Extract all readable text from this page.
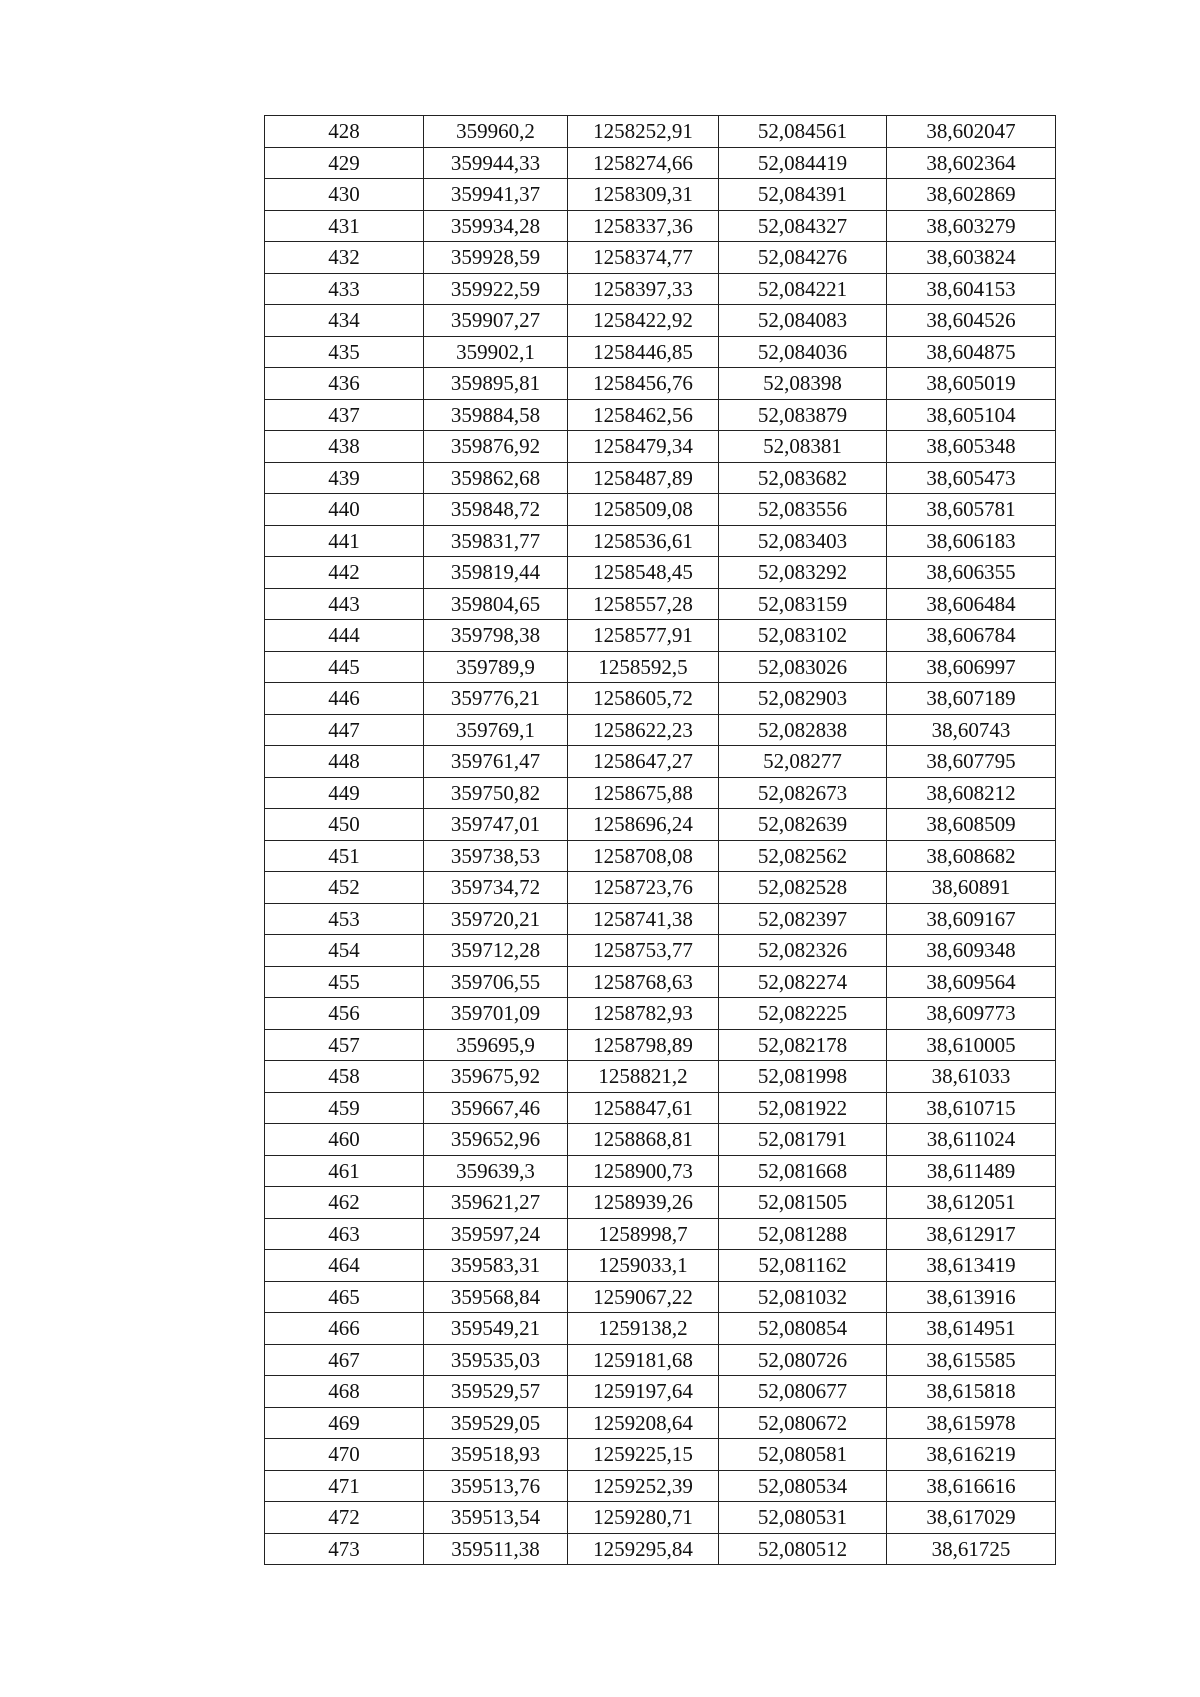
428	359960,2	1258252,91	52,084561	38,602047
429	359944,33	1258274,66	52,084419	38,602364
430	359941,37	1258309,31	52,084391	38,602869
431	359934,28	1258337,36	52,084327	38,603279
432	359928,59	1258374,77	52,084276	38,603824
433	359922,59	1258397,33	52,084221	38,604153
434	359907,27	1258422,92	52,084083	38,604526
435	359902,1	1258446,85	52,084036	38,604875
436	359895,81	1258456,76	52,08398	38,605019
437	359884,58	1258462,56	52,083879	38,605104
438	359876,92	1258479,34	52,08381	38,605348
439	359862,68	1258487,89	52,083682	38,605473
440	359848,72	1258509,08	52,083556	38,605781
441	359831,77	1258536,61	52,083403	38,606183
442	359819,44	1258548,45	52,083292	38,606355
443	359804,65	1258557,28	52,083159	38,606484
444	359798,38	1258577,91	52,083102	38,606784
445	359789,9	1258592,5	52,083026	38,606997
446	359776,21	1258605,72	52,082903	38,607189
447	359769,1	1258622,23	52,082838	38,60743
448	359761,47	1258647,27	52,08277	38,607795
449	359750,82	1258675,88	52,082673	38,608212
450	359747,01	1258696,24	52,082639	38,608509
451	359738,53	1258708,08	52,082562	38,608682
452	359734,72	1258723,76	52,082528	38,60891
453	359720,21	1258741,38	52,082397	38,609167
454	359712,28	1258753,77	52,082326	38,609348
455	359706,55	1258768,63	52,082274	38,609564
456	359701,09	1258782,93	52,082225	38,609773
457	359695,9	1258798,89	52,082178	38,610005
458	359675,92	1258821,2	52,081998	38,61033
459	359667,46	1258847,61	52,081922	38,610715
460	359652,96	1258868,81	52,081791	38,611024
461	359639,3	1258900,73	52,081668	38,611489
462	359621,27	1258939,26	52,081505	38,612051
463	359597,24	1258998,7	52,081288	38,612917
464	359583,31	1259033,1	52,081162	38,613419
465	359568,84	1259067,22	52,081032	38,613916
466	359549,21	1259138,2	52,080854	38,614951
467	359535,03	1259181,68	52,080726	38,615585
468	359529,57	1259197,64	52,080677	38,615818
469	359529,05	1259208,64	52,080672	38,615978
470	359518,93	1259225,15	52,080581	38,616219
471	359513,76	1259252,39	52,080534	38,616616
472	359513,54	1259280,71	52,080531	38,617029
473	359511,38	1259295,84	52,080512	38,61725
